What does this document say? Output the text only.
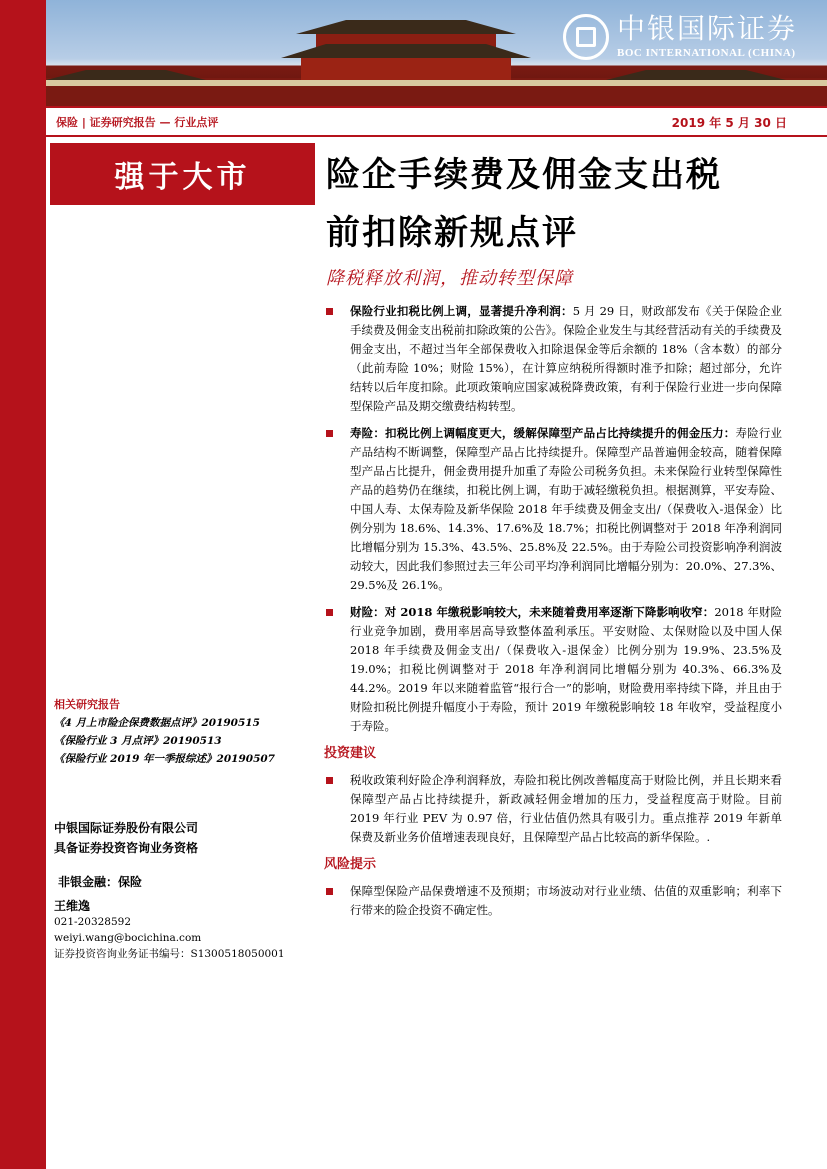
中银国际证券
BOC INTERNATIONAL (CHINA)
保险 | 证券研究报告 — 行业点评	2019 年 5 月 30 日
强于大市	险企手续费及佣金支出税
前扣除新规点评
降税释放利润，推动转型保障
保险行业扣税比例上调，显著提升净利润：5 月 29 日，财政部发布《关于保险企业手续费及佣金支出税前扣除政策的公告》。保险企业发生与其经营活动有关的手续费及佣金支出，不超过当年全部保费收入扣除退保金等后余额的 18%（含本数）的部分（此前寿险 10%；财险 15%），在计算应纳税所得额时准予扣除；超过部分，允许结转以后年度扣除。此项政策响应国家减税降费政策，有利于保险行业进一步向保障型保险产品及期交缴费结构转型。
寿险：扣税比例上调幅度更大，缓解保障型产品占比持续提升的佣金压力：寿险行业产品结构不断调整，保障型产品占比持续提升。保障型产品普遍佣金较高，随着保障型产品占比提升，佣金费用提升加重了寿险公司税务负担。未来保险行业转型保障性产品的趋势仍在继续，扣税比例上调，有助于减轻缴税负担。根据测算，平安寿险、中国人寿、太保寿险及新华保险 2018 年手续费及佣金支出/（保费收入-退保金）比例分别为 18.6%、14.3%、17.6%及 18.7%；扣税比例调整对于 2018 年净利润同比增幅分别为 15.3%、43.5%、25.8%及 22.5%。由于寿险公司投资影响净利润波动较大，因此我们参照过去三年公司平均净利润同比增幅分别为：20.0%、27.3%、29.5%及 26.1%。
财险：对 2018 年缴税影响较大，未来随着费用率逐渐下降影响收窄：2018 年财险行业竞争加剧，费用率居高导致整体盈利承压。平安财险、太保财险以及中国人保 2018 年手续费及佣金支出/（保费收入-退保金）比例分别为 19.9%、23.5%及 19.0%；扣税比例调整对于 2018 年净利润同比增幅分别为 40.3%、66.3%及 44.2%。2019 年以来随着监管“报行合一”的影响，财险费用率持续下降，并且由于财险扣税比例提升幅度小于寿险，预计 2019 年缴税影响较 18 年收窄，受益程度小于寿险。
投资建议
税收政策利好险企净利润释放，寿险扣税比例改善幅度高于财险比例，并且长期来看保障型产品占比持续提升，新政减轻佣金增加的压力，受益程度高于财险。目前 2019 年行业 PEV 为 0.97 倍，行业估值仍然具有吸引力。重点推荐 2019 年新单保费及新业务价值增速表现良好，且保障型产品占比较高的新华保险。.
风险提示
保障型保险产品保费增速不及预期；市场波动对行业业绩、估值的双重影响；利率下行带来的险企投资不确定性。
相关研究报告
《4 月上市险企保费数据点评》20190515
《保险行业 3 月点评》20190513
《保险行业 2019 年一季报综述》20190507
中银国际证券股份有限公司
具备证券投资咨询业务资格
非银金融：保险
王维逸
021-20328592
weiyi.wang@bocichina.com
证券投资咨询业务证书编号：S1300518050001
